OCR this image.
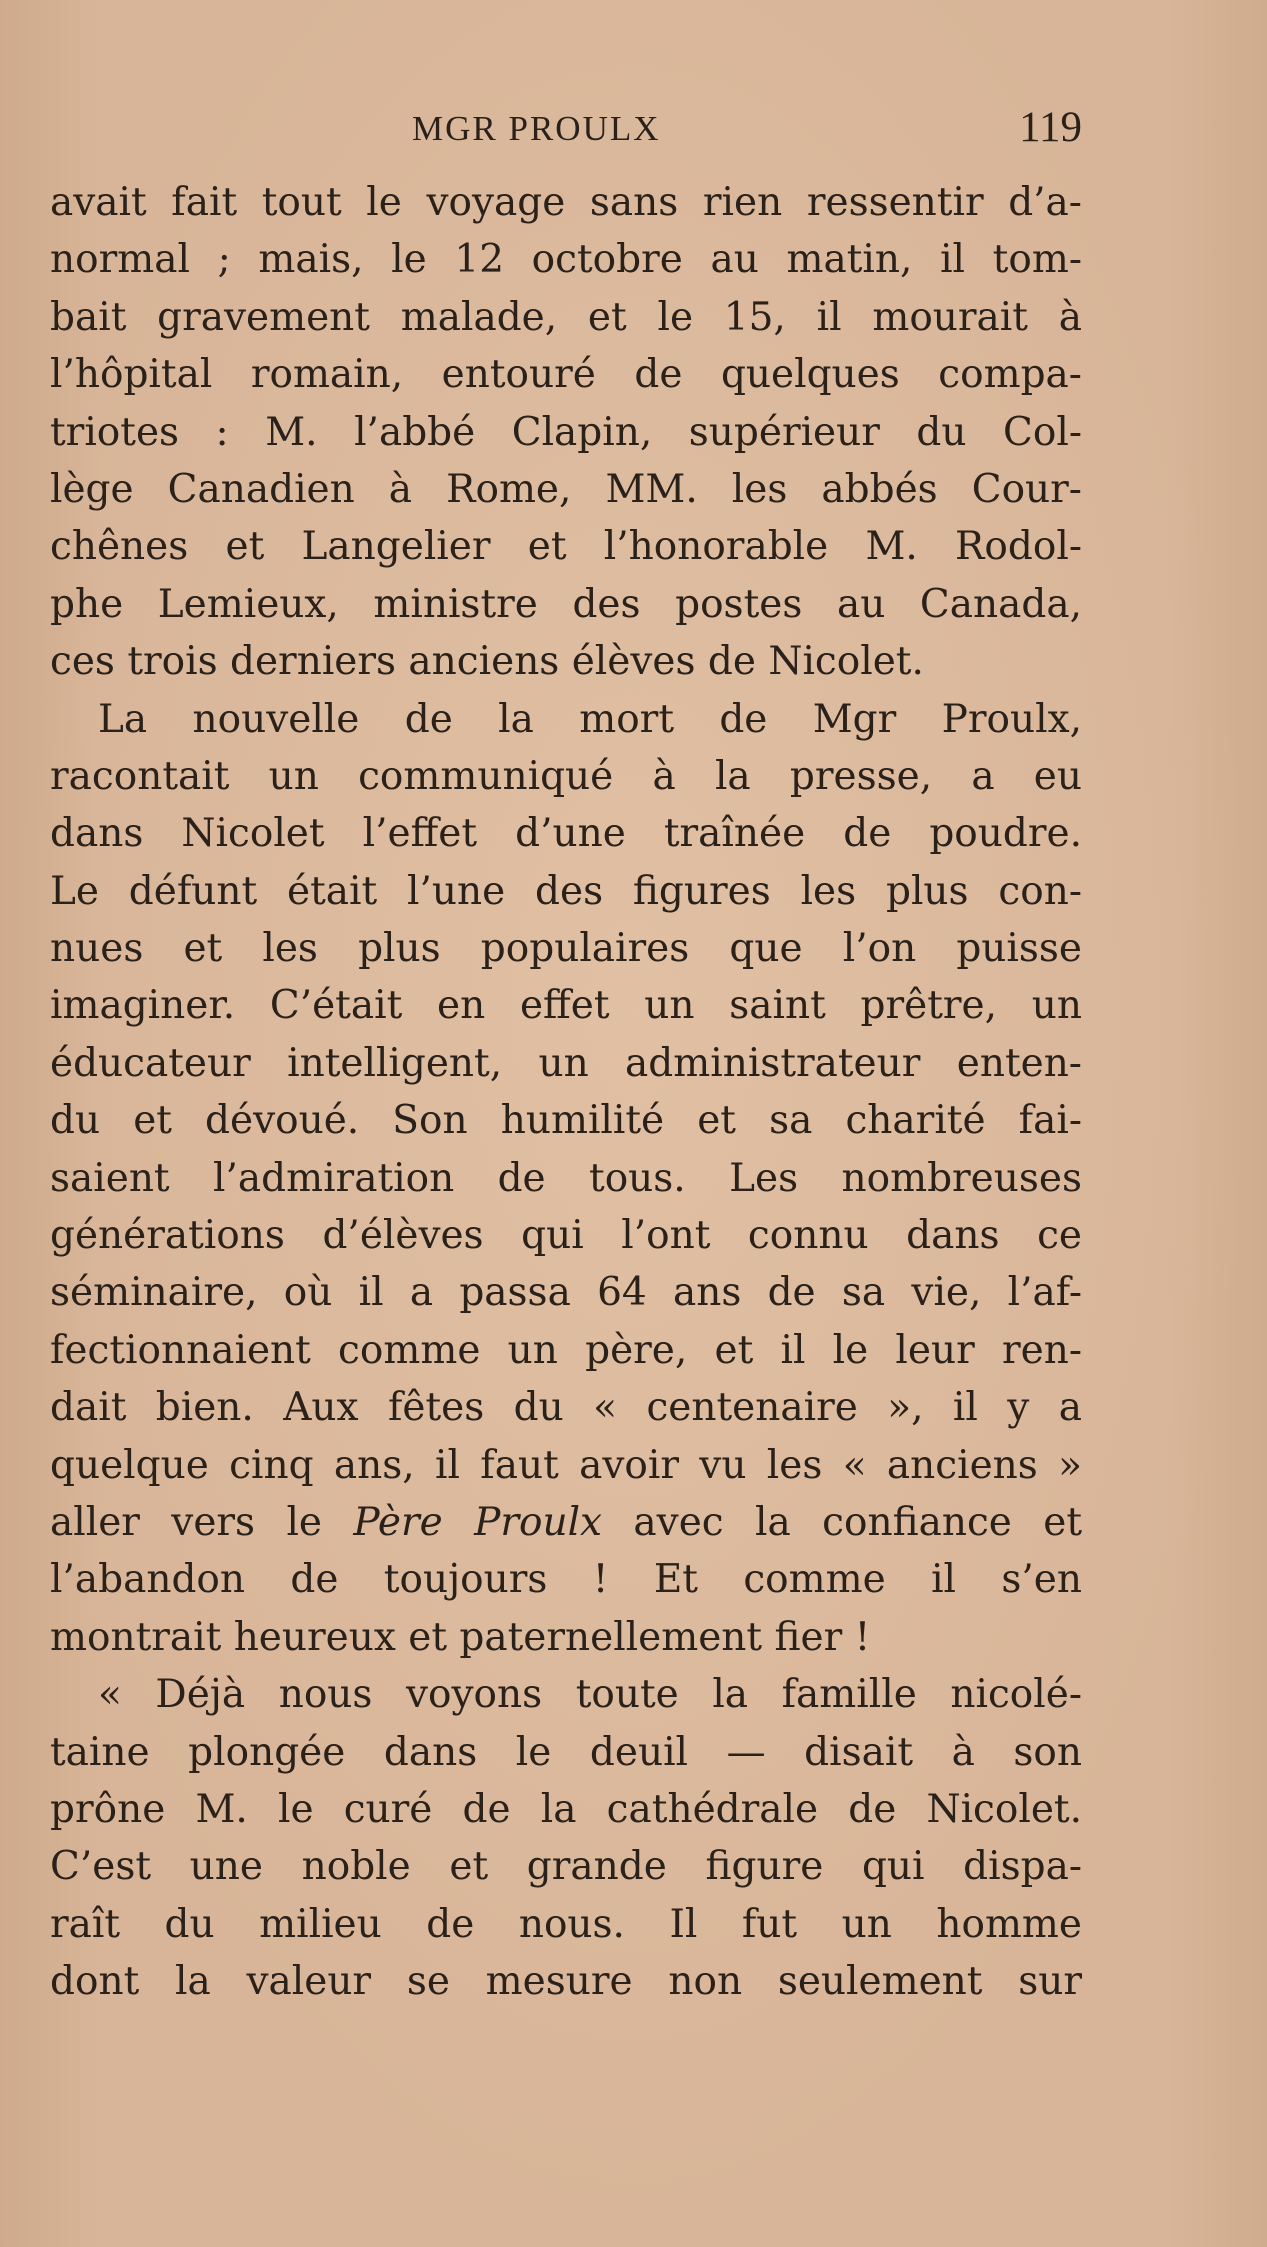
MGR PROULX	119
avait fait tout le voyage sans rien ressentir d’a-
normal ; mais, le 12 octobre au matin, il tom-
bait gravement malade, et le 15, il mourait à
l’hôpital romain, entouré de quelques compa-
triotes : M. l’abbé Clapin, supérieur du Col-
lège Canadien à Rome, MM. les abbés Cour-
chênes et Langelier et l’honorable M. Rodol-
phe Lemieux, ministre des postes au Canada,
ces trois derniers anciens élèves de Nicolet.
La nouvelle de la mort de Mgr Proulx,
racontait un communiqué à la presse, a eu
dans Nicolet l’effet d’une traînée de poudre.
Le défunt était l’une des figures les plus con-
nues et les plus populaires que l’on puisse
imaginer. C’était en effet un saint prêtre, un
éducateur intelligent, un administrateur enten-
du et dévoué. Son humilité et sa charité fai-
saient l’admiration de tous. Les nombreuses
générations d’élèves qui l’ont connu dans ce
séminaire, où il a passa 64 ans de sa vie, l’af-
fectionnaient comme un père, et il le leur ren-
dait bien. Aux fêtes du « centenaire », il y a
quelque cinq ans, il faut avoir vu les « anciens »
aller vers le Père Proulx avec la confiance et
l’abandon de toujours ! Et comme il s’en
montrait heureux et paternellement fier !
« Déjà nous voyons toute la famille nicolé-
taine plongée dans le deuil — disait à son
prône M. le curé de la cathédrale de Nicolet.
C’est une noble et grande figure qui dispa-
raît du milieu de nous. Il fut un homme
dont la valeur se mesure non seulement sur
